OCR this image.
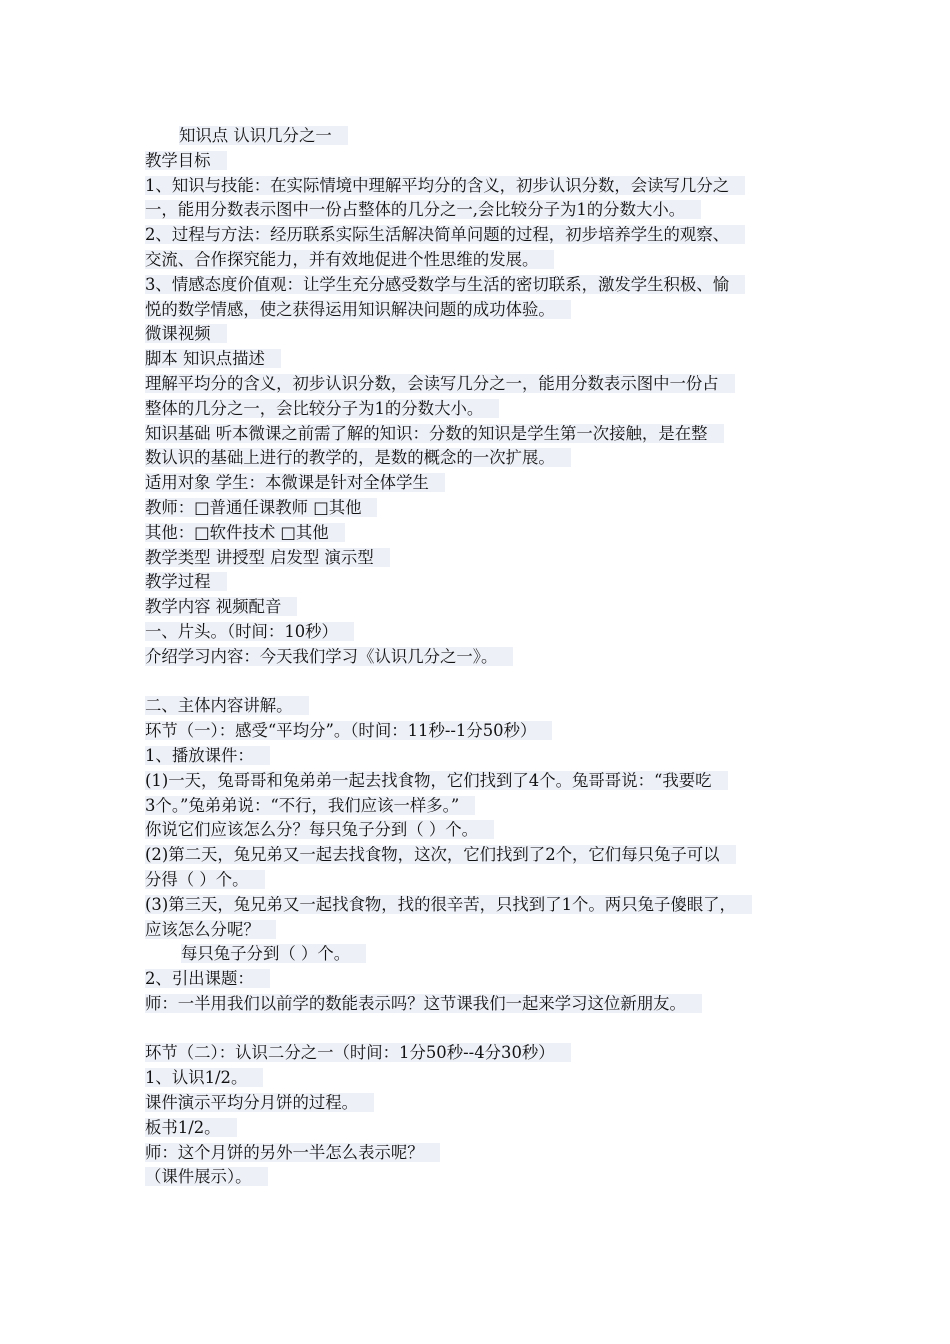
知识点 认识几分之一
教学目标
1、知识与技能：在实际情境中理解平均分的含义，初步认识分数，会读写几分之
一，能用分数表示图中一份占整体的几分之一,会比较分子为1的分数大小。
2、过程与方法：经历联系实际生活解决简单问题的过程，初步培养学生的观察、
交流、合作探究能力，并有效地促进个性思维的发展。
3、情感态度价值观：让学生充分感受数学与生活的密切联系，激发学生积极、愉
悦的数学情感，使之获得运用知识解决问题的成功体验。
微课视频
脚本 知识点描述
理解平均分的含义，初步认识分数，会读写几分之一，能用分数表示图中一份占
整体的几分之一，会比较分子为1的分数大小。
知识基础 听本微课之前需了解的知识：分数的知识是学生第一次接触，是在整
数认识的基础上进行的教学的，是数的概念的一次扩展。
适用对象 学生：本微课是针对全体学生
教师：□普通任课教师 □其他
其他：□软件技术 □其他
教学类型 讲授型 启发型 演示型
教学过程
教学内容 视频配音
一、片头。（时间：10秒）
介绍学习内容：今天我们学习《认识几分之一》。
二、主体内容讲解。
环节（一）：感受“平均分”。（时间：11秒--1分50秒）
1、播放课件：
(1)一天，兔哥哥和兔弟弟一起去找食物，它们找到了4个。兔哥哥说：“我要吃
3个。”兔弟弟说：“不行，我们应该一样多。”
你说它们应该怎么分？每只兔子分到（ ）个。
(2)第二天，兔兄弟又一起去找食物，这次，它们找到了2个，它们每只兔子可以
分得（ ）个。
(3)第三天，兔兄弟又一起找食物，找的很辛苦，只找到了1个。两只兔子傻眼了，
应该怎么分呢？
每只兔子分到（ ）个。
2、引出课题：
师：一半用我们以前学的数能表示吗？这节课我们一起来学习这位新朋友。
环节（二）：认识二分之一（时间：1分50秒--4分30秒）
1、认识1/2。
课件演示平均分月饼的过程。
板书1/2。
师：这个月饼的另外一半怎么表示呢？
（课件展示）。
